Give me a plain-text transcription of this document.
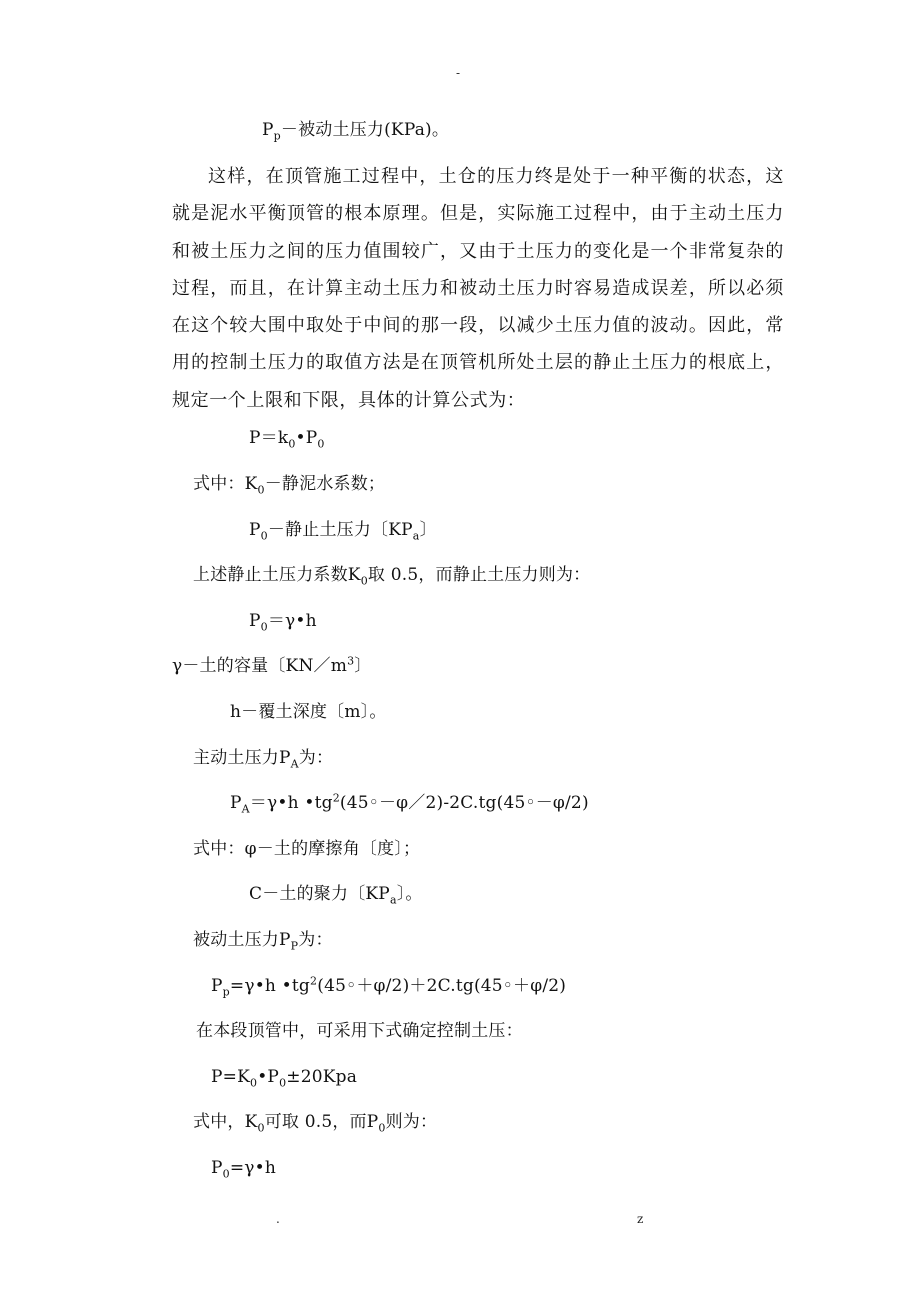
-
$P_p-$被动土压力(KPa)。
这样，在顶管施工过程中，土仓的压力终是处于一种平衡的状态，这就是泥水平衡顶管的根本原理。但是，实际施工过程中，由于主动土压力和被土压力之间的压力值围较广，又由于土压力的变化是一个非常复杂的过程，而且，在计算主动土压力和被动土压力时容易造成误差，所以必须在这个较大围中取处于中间的那一段，以减少土压力值的波动。因此，常用的控制土压力的取值方法是在顶管机所处土层的静止土压力的根底上，规定一个上限和下限，具体的计算公式为：
$P=k_0•P_0$
式中：$K_0-$静泥水系数；
$P_0-$静止土压力〔$KP_a$〕
上述静止土压力系数$K_0$取 0.5，而静止土压力则为：
$P_0=\gamma•h$
γ－土的容量〔$KN/m^3$〕
h－覆土深度〔m〕。
主动土压力$P_A$为：
$P_A=\gamma•h$ $•tg^2(45◦-\varphi/2)-2C.tg(45◦-\varphi/2)$
式中：φ－土的摩擦角〔度〕；
C－土的聚力〔$KP_a$〕。
被动土压力$P_P$为：
$P_p=\gamma•h$ $•tg^2(45◦+\varphi/2)+2C.tg(45◦+\varphi/2)$
在本段顶管中，可采用下式确定控制土压：
$P=K_0•P_0\pm 20Kpa$
式中，$K_0$可取 0.5，而$P_0$则为：
$P_0=\gamma•h$
.	z
